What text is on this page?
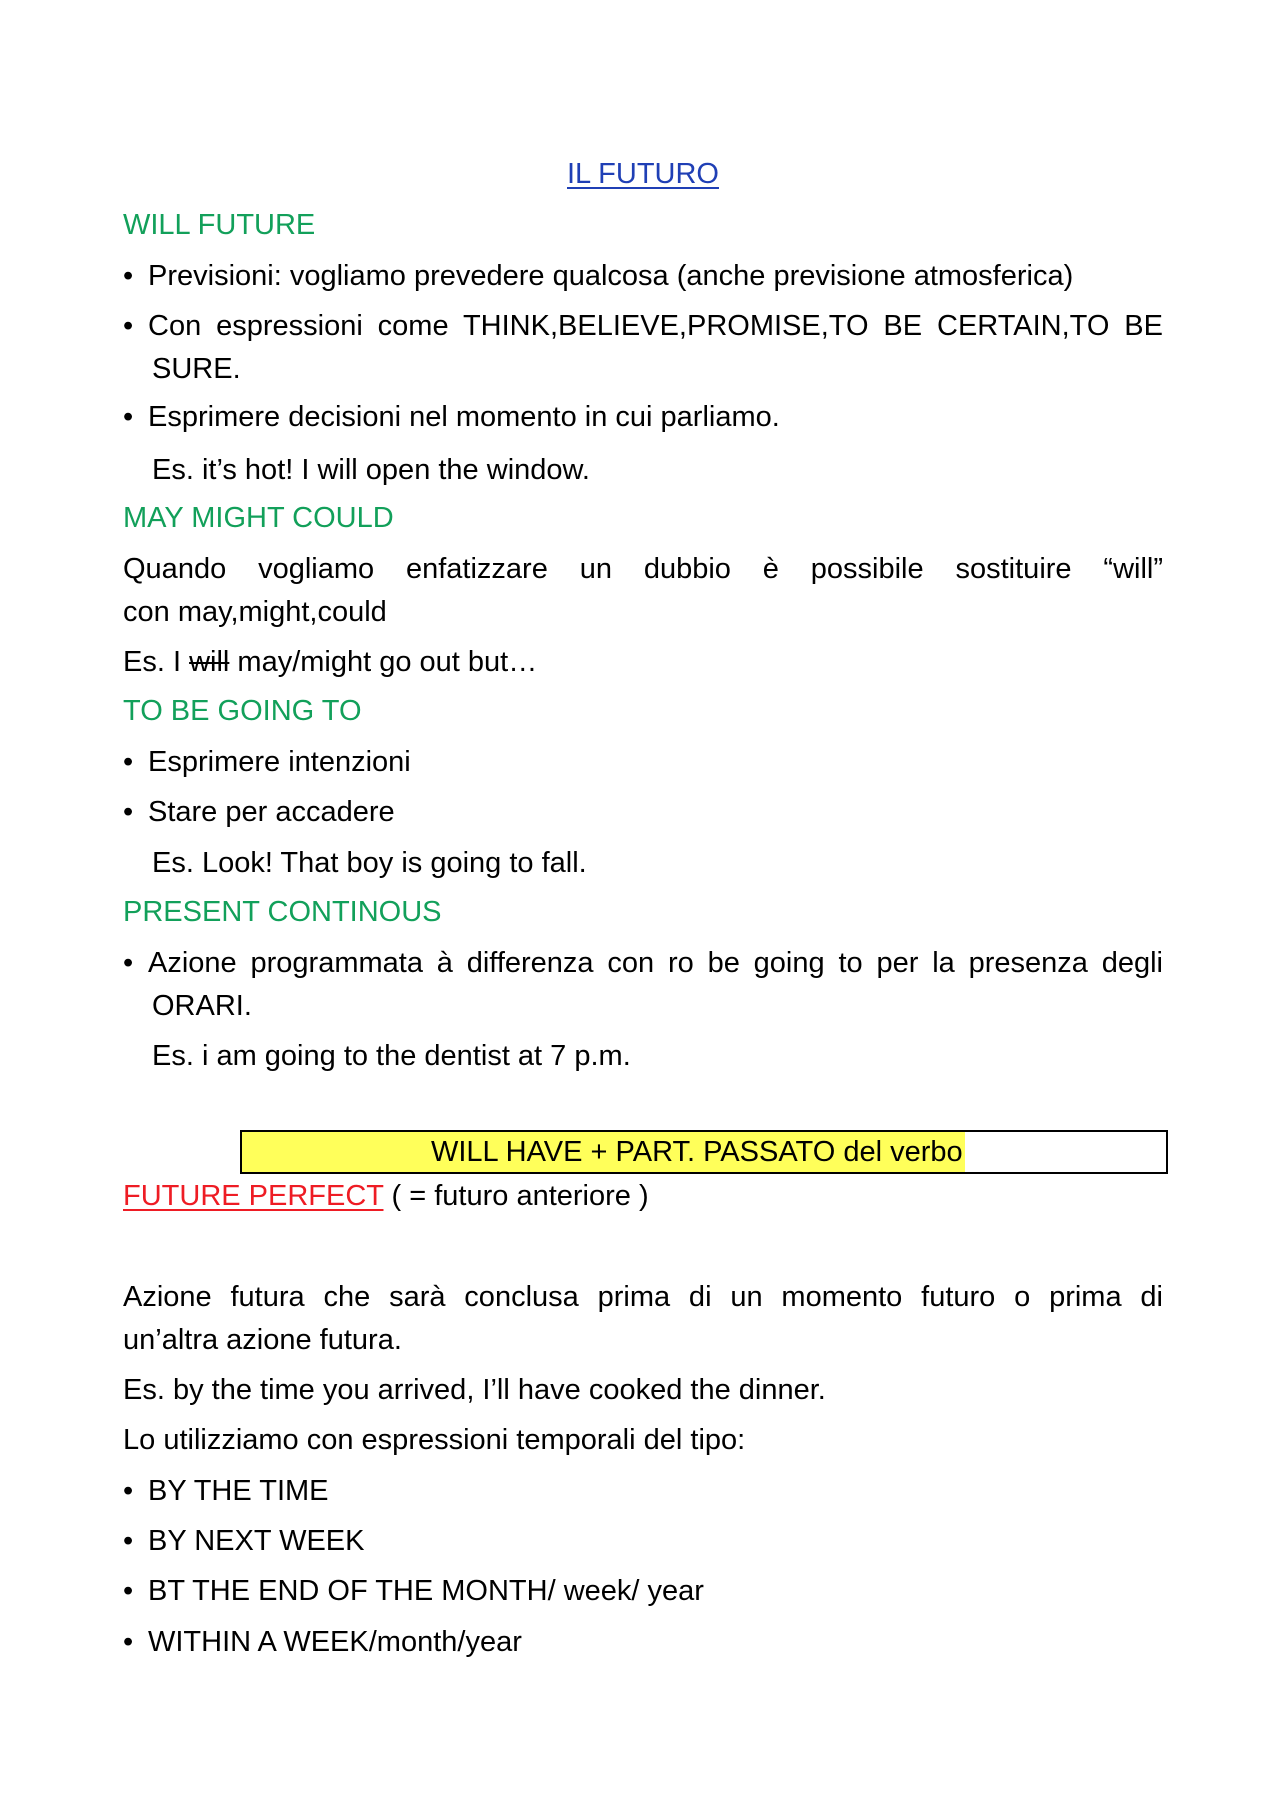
IL FUTURO
WILL FUTURE
• Previsioni: vogliamo prevedere qualcosa (anche previsione atmosferica)
• Con espressioni come THINK,BELIEVE,PROMISE,TO BE CERTAIN,TO BE
SURE.
• Esprimere decisioni nel momento in cui parliamo.
Es. it’s hot! I will open the window.
MAY MIGHT COULD
Quando vogliamo enfatizzare un dubbio è possibile sostituire “will”
con may,might,could
Es. I will may/might go out but…
TO BE GOING TO
• Esprimere intenzioni
• Stare per accadere
Es. Look! That boy is going to fall.
PRESENT CONTINOUS
• Azione programmata à differenza con ro be going to per la presenza degli
ORARI.
Es. i am going to the dentist at 7 p.m.
WILL HAVE + PART. PASSATO del verbo
FUTURE PERFECT ( = futuro anteriore )
Azione futura che sarà conclusa prima di un momento futuro o prima di
un’altra azione futura.
Es. by the time you arrived, I’ll have cooked the dinner.
Lo utilizziamo con espressioni temporali del tipo:
• BY THE TIME
• BY NEXT WEEK
• BT THE END OF THE MONTH/ week/ year
• WITHIN A WEEK/month/year
